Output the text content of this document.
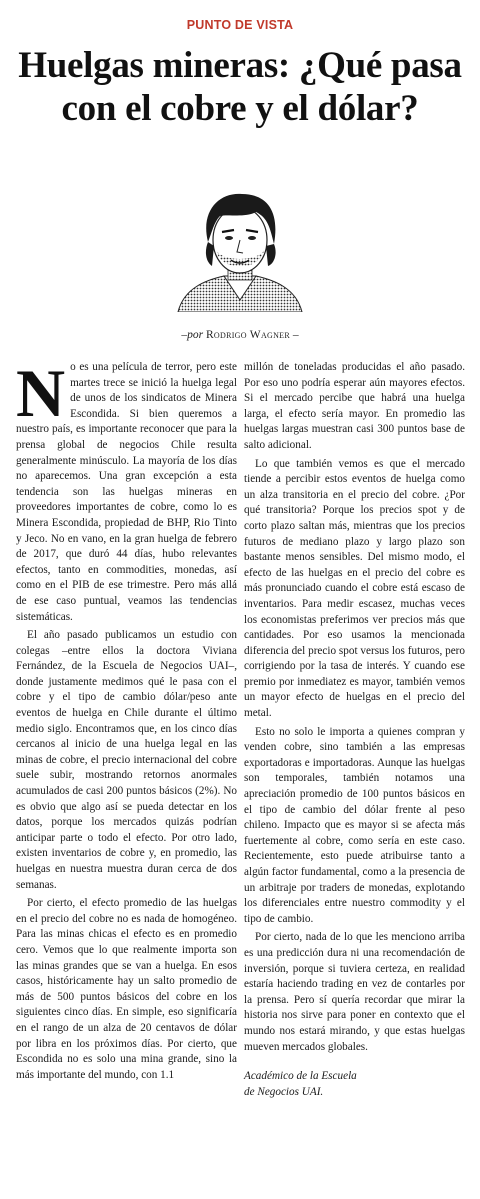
PUNTO DE VISTA
Huelgas mineras: ¿Qué pasa con el cobre y el dólar?
–por Rodrigo Wagner –

No es una película de terror, pero este martes trece se inició la huelga legal de unos de los sindicatos de Minera Escondida. Si bien queremos a nuestro país, es importante reconocer que para la prensa global de negocios Chile resulta generalmente minúsculo. La mayoría de los días no aparecemos. Una gran excepción a esta tendencia son las huelgas mineras en proveedores importantes de cobre, como lo es Minera Escondida, propiedad de BHP, Rio Tinto y Jeco. No en vano, en la gran huelga de febrero de 2017, que duró 44 días, hubo relevantes efectos, tanto en commodities, monedas, así como en el PIB de ese trimestre. Pero más allá de ese caso puntual, veamos las tendencias sistemáticas.

El año pasado publicamos un estudio con colegas –entre ellos la doctora Viviana Fernández, de la Escuela de Negocios UAI–, donde justamente medimos qué le pasa con el cobre y el tipo de cambio dólar/peso ante eventos de huelga en Chile durante el último medio siglo. Encontramos que, en los cinco días cercanos al inicio de una huelga legal en las minas de cobre, el precio internacional del cobre suele subir, mostrando retornos anormales acumulados de casi 200 puntos básicos (2%). No es obvio que algo así se pueda detectar en los datos, porque los mercados quizás podrían anticipar parte o todo el efecto. Por otro lado, existen inventarios de cobre y, en promedio, las huelgas en nuestra muestra duran cerca de dos semanas.

Por cierto, el efecto promedio de las huelgas en el precio del cobre no es nada de homogéneo. Para las minas chicas el efecto es en promedio cero. Vemos que lo que realmente importa son las minas grandes que se van a huelga. En esos casos, históricamente hay un salto promedio de más de 500 puntos básicos del cobre en los siguientes cinco días. En simple, eso significaría en el rango de un alza de 20 centavos de dólar por libra en los próximos días. Por cierto, que Escondida no es solo una mina grande, sino la más importante del mundo, con 1.1

millón de toneladas producidas el año pasado. Por eso uno podría esperar aún mayores efectos. Si el mercado percibe que habrá una huelga larga, el efecto sería mayor. En promedio las huelgas largas muestran casi 300 puntos base de salto adicional.

Lo que también vemos es que el mercado tiende a percibir estos eventos de huelga como un alza transitoria en el precio del cobre. ¿Por qué transitoria? Porque los precios spot y de corto plazo saltan más, mientras que los precios futuros de mediano plazo y largo plazo son bastante menos sensibles. Del mismo modo, el efecto de las huelgas en el precio del cobre es más pronunciado cuando el cobre está escaso de inventarios. Para medir escasez, muchas veces los economistas preferimos ver precios más que cantidades. Por eso usamos la mencionada diferencia del precio spot versus los futuros, pero corrigiendo por la tasa de interés. Y cuando ese premio por inmediatez es mayor, también vemos un mayor efecto de huelgas en el precio del metal.

Esto no solo le importa a quienes compran y venden cobre, sino también a las empresas exportadoras e importadoras. Aunque las huelgas son temporales, también notamos una apreciación promedio de 100 puntos básicos en el tipo de cambio del dólar frente al peso chileno. Impacto que es mayor si se afecta más fuertemente al cobre, como sería en este caso. Recientemente, esto puede atribuirse tanto a algún factor fundamental, como a la presencia de un arbitraje por traders de monedas, explotando los diferenciales entre nuestro commodity y el tipo de cambio.

Por cierto, nada de lo que les menciono arriba es una predicción dura ni una recomendación de inversión, porque si tuviera certeza, en realidad estaría haciendo trading en vez de contarles por la prensa. Pero sí quería recordar que mirar la historia nos sirve para poner en contexto que el mundo nos estará mirando, y que estas huelgas mueven mercados globales.

Académico de la Escuela
de Negocios UAI.
